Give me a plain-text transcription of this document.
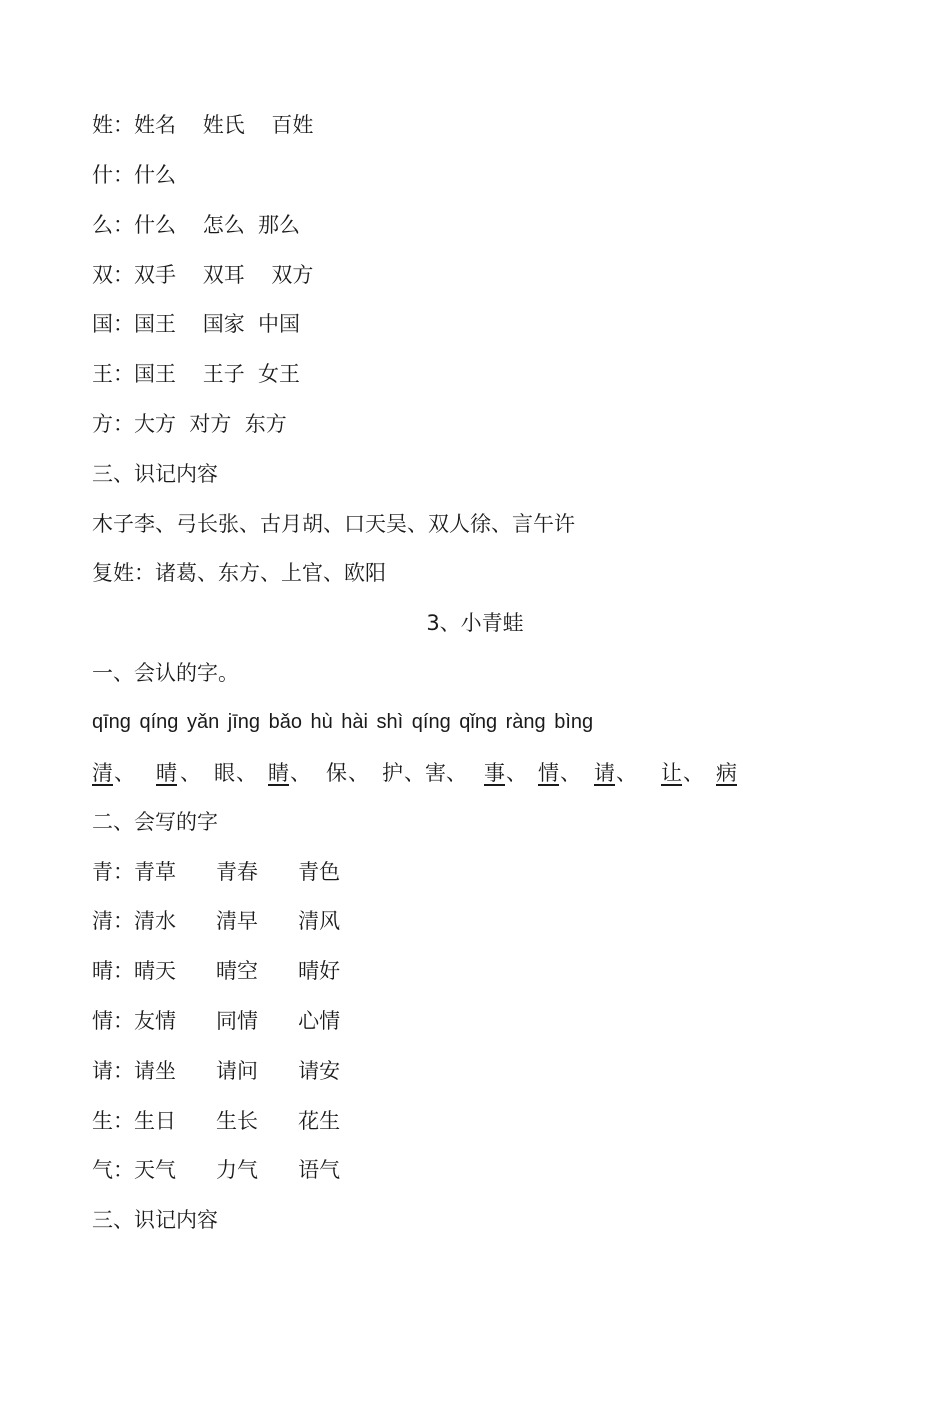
姓：姓名    姓氏    百姓
什：什么
么：什么    怎么  那么
双：双手    双耳    双方
国：国王    国家  中国
王：国王    王子  女王
方：大方  对方  东方
三、识记内容
木子李、弓长张、古月胡、口天吴、双人徐、言午许
复姓：诸葛、东方、上官、欧阳
3、小青蛙
一、会认的字。
qīng qíng yǎn jīng bǎo hù hài shì qíng qǐng ràng bìng

清

、

	晴

、

眼

、

睛

、

保

、

护

、害、

事

、

情

、

请

、

让

、

病

二、会写的字
青：青草      青春      青色
清：清水      清早      清风
晴：晴天      晴空      晴好
情：友情      同情      心情
请：请坐      请问      请安
生：生日      生长      花生
气：天气      力气      语气
三、识记内容
